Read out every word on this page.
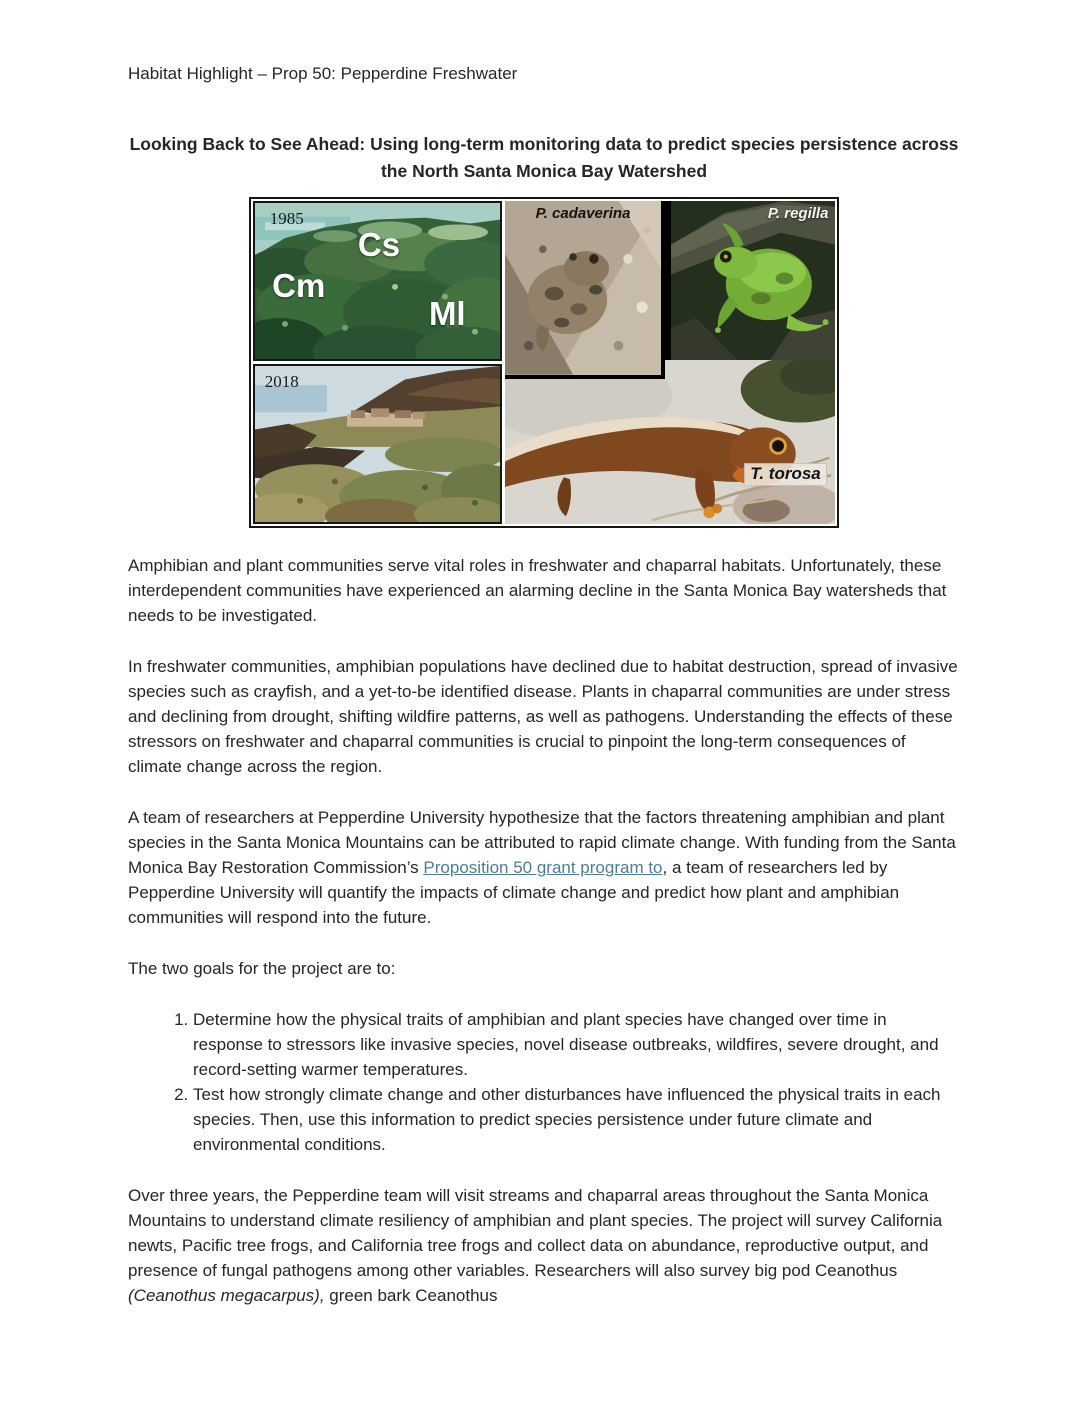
Habitat Highlight – Prop 50: Pepperdine Freshwater
Looking Back to See Ahead: Using long-term monitoring data to predict species persistence across the North Santa Monica Bay Watershed
1985
Cm
Cs
Ml
2018
P. cadaverina	P. regilla
T. torosa

Amphibian and plant communities serve vital roles in freshwater and chaparral habitats. Unfortunately, these interdependent communities have experienced an alarming decline in the Santa Monica Bay watersheds that needs to be investigated.

In freshwater communities, amphibian populations have declined due to habitat destruction, spread of invasive species such as crayfish, and a yet-to-be identified disease. Plants in chaparral communities are under stress and declining from drought, shifting wildfire patterns, as well as pathogens. Understanding the effects of these stressors on freshwater and chaparral communities is crucial to pinpoint the long-term consequences of climate change across the region.

A team of researchers at Pepperdine University hypothesize that the factors threatening amphibian and plant species in the Santa Monica Mountains can be attributed to rapid climate change. With funding from the Santa Monica Bay Restoration Commission’s Proposition 50 grant program to, a team of researchers led by Pepperdine University will quantify the impacts of climate change and predict how plant and amphibian communities will respond into the future.

The two goals for the project are to:

1. Determine how the physical traits of amphibian and plant species have changed over time in response to stressors like invasive species, novel disease outbreaks, wildfires, severe drought, and record-setting warmer temperatures.
2. Test how strongly climate change and other disturbances have influenced the physical traits in each species. Then, use this information to predict species persistence under future climate and environmental conditions.

Over three years, the Pepperdine team will visit streams and chaparral areas throughout the Santa Monica Mountains to understand climate resiliency of amphibian and plant species. The project will survey California newts, Pacific tree frogs, and California tree frogs and collect data on abundance, reproductive output, and presence of fungal pathogens among other variables. Researchers will also survey big pod Ceanothus (Ceanothus megacarpus), green bark Ceanothus
